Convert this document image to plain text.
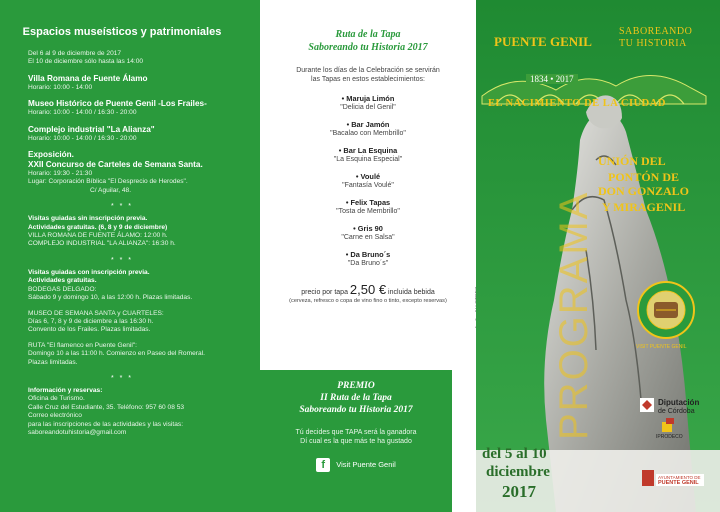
Espacios museísticos y patrimoniales
Del 6 al 9 de diciembre de 2017
El 10 de diciembre sólo hasta las 14:00
Villa Romana de Fuente Álamo
Horario: 10:00 - 14:00
Museo Histórico de Puente Genil -Los Frailes-
Horario: 10:00 - 14:00 / 16:30 - 20:00
Complejo industrial "La Alianza"
Horario: 10:00 - 14:00 / 16:30 - 20:00
Exposición.
XXII Concurso de Carteles de Semana Santa.
Horario: 19:30 - 21:30
Lugar: Corporación Bíblica "El Desprecio de Herodes".
C/ Aguilar, 48.
* * *
Visitas guiadas sin inscripción previa.
Actividades gratuitas. (6, 8 y 9 de diciembre)
VILLA ROMANA DE FUENTE ÁLAMO: 12:00 h.
COMPLEJO INDUSTRIAL "LA ALIANZA": 16:30 h.
* * *
Visitas guiadas con inscripción previa.
Actividades gratuitas.
BODEGAS DELGADO:
Sábado 9 y domingo 10, a las 12:00 h. Plazas limitadas.
MUSEO DE SEMANA SANTA y CUARTELES:
Días 6, 7, 8 y 9 de diciembre a las 16:30 h.
Convento de los Frailes. Plazas limitadas.
RUTA "El flamenco en Puente Genil":
Domingo 10 a las 11:00 h. Comienzo en Paseo del Romeral.
Plazas limitadas.
* * *
Información y reservas:
Oficina de Turismo.
Calle Cruz del Estudiante, 35. Teléfono: 957 60 08 53
Correo electrónico
para las inscripciones de las actividades y las visitas:
saboreandotuhistoria@gmail.com
Ruta de la Tapa
Saboreando tu Historia 2017
Durante los días de la Celebración se servirán
las Tapas en estos establecimientos:
• Maruja Limón
"Delicia del Genil"
• Bar Jamón
"Bacalao con Membrillo"
• Bar La Esquina
"La Esquina Especial"
• Voulé
"Fantasía Voulé"
• Felix Tapas
"Tosta de Membrillo"
• Gris 90
"Carne en Salsa"
• Da Bruno´s
"Da Bruno´s"
precio por tapa 2,50 € incluida bebida
(cerveza, refresco o copa de vino fino o tinto, excepto reservas)
PREMIO
II Ruta de la Tapa
Saboreando tu Historia 2017
Tú decides que TAPA será la ganadora
Dí cual es la que más te ha gustado
f Visit Puente Genil
PUENTE GENIL
SABOREANDO
TU HISTORIA
1834 • 2017
EL NACIMIENTO DE LA CIUDAD
UNIÓN DEL
PONTÓN DE
DON GONZALO
Y MIRAGENIL
PROGRAMA	VISIT PUENTE GENIL
del 5 al 10
diciembre
2017
Diputación
de Córdoba
IPRODECO
AYUNTAMIENTO DE
PUENTE GENIL
